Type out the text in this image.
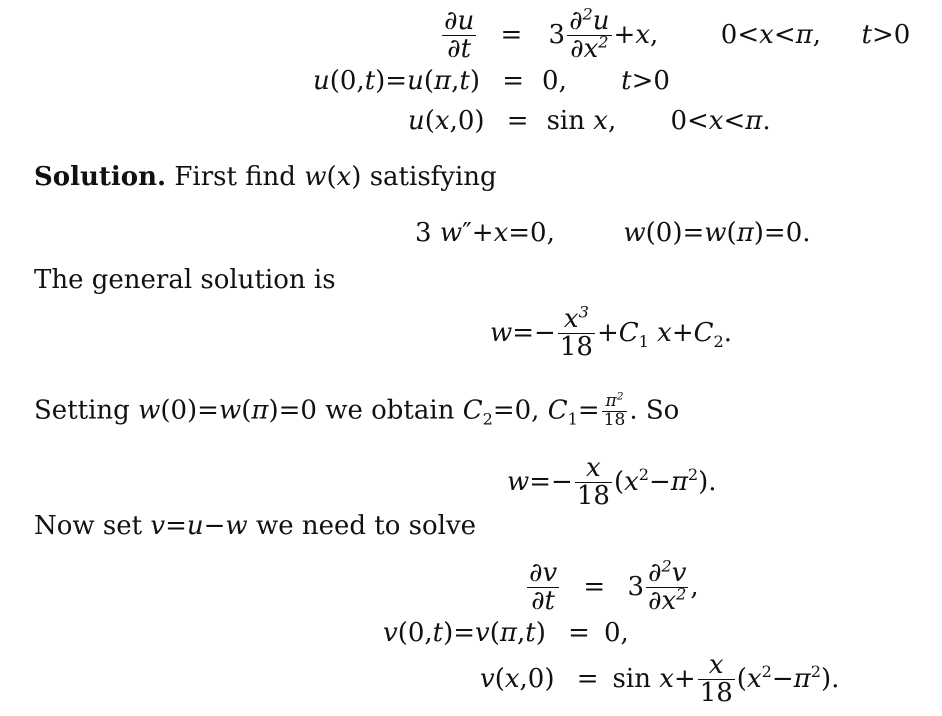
$\frac{\partial u}{\partial t} = 3 \frac{\partial^2u}{\partial x^2} +x$,  0<x<π,  t>0
u(0,t)=u(π,t) = 0, t>0
u(x,0) = sin x, 0<x<π.
Solution. First find w(x) satisfying
3 w″+x=0,  w(0)=w(π)=0.
The general solution is
$w=- \frac{x^3}{18} +C_1$ $x+C_2$.
Setting w(0)=w(π)=0 we obtain $C_2=0$, $C_1= \frac{\pi^2}{18}$ . So
$w=- \frac{x}{18} (x^2-\pi^2)$.
Now set v=u−w we need to solve
$\frac{\partial v}{\partial t} = 3 \frac{\partial^2v}{\partial x^2}$ ,
v(0,t)=v(π,t) = 0,
$v(x,0) = \sin x+ \frac{x}{18} (x^2-\pi^2)$.
